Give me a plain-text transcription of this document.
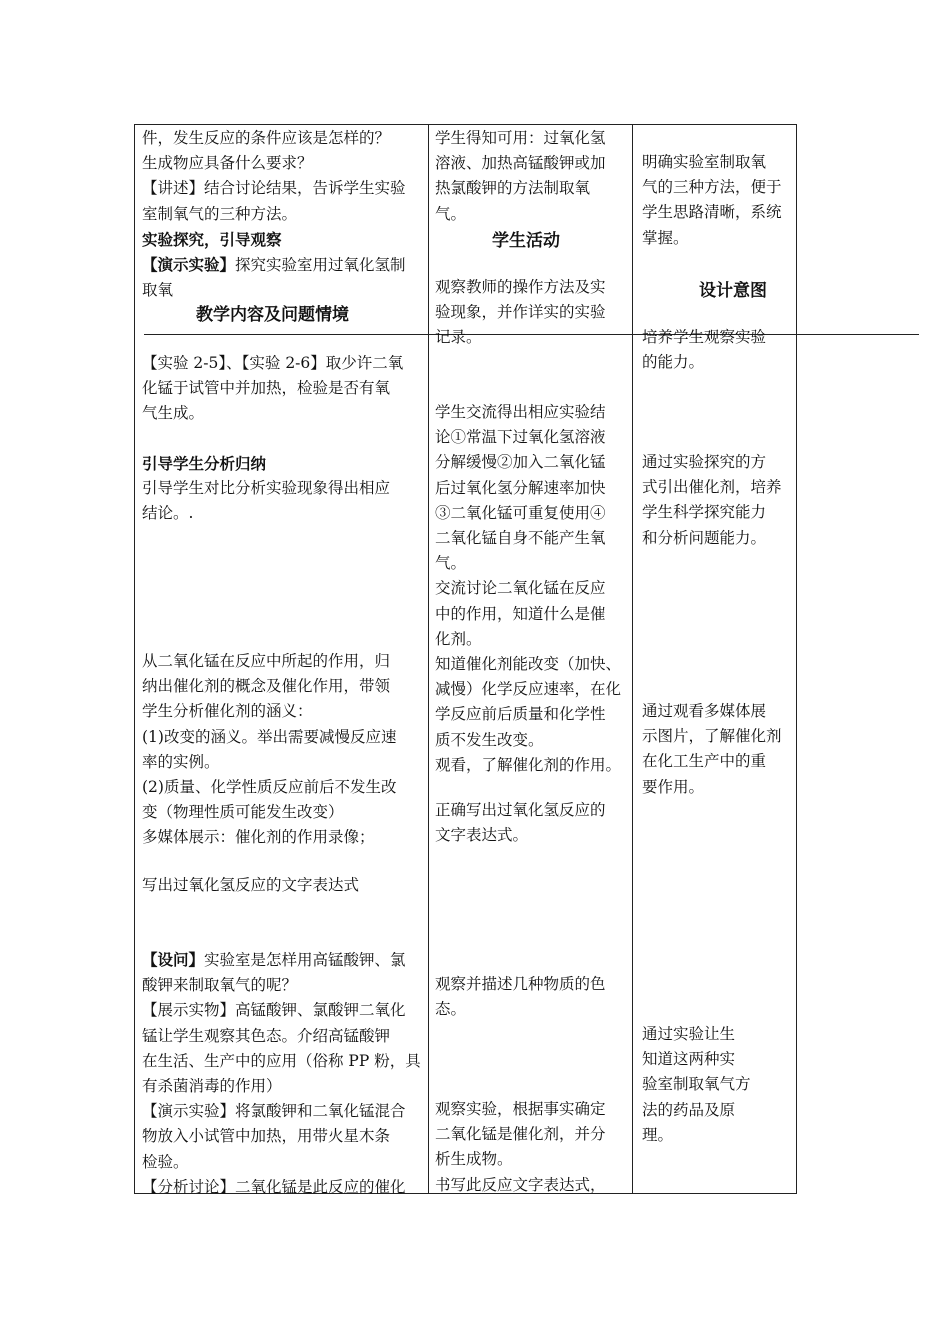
件，发生反应的条件应该是怎样的？

生成物应具备什么要求？

【讲述】结合讨论结果，告诉学生实验

室制氧气的三种方法。

实验探究，引导观察

【演示实验】探究实验室用过氧化氢制

取氧

教学内容及问题情境

【实验 2-5】、【实验 2-6】取少许二氧

化锰于试管中并加热，检验是否有氧

气生成。

引导学生分析归纳

引导学生对比分析实验现象得出相应

结论。.

从二氧化锰在反应中所起的作用，归

纳出催化剂的概念及催化作用，带领

学生分析催化剂的涵义：

(1)改变的涵义。举出需要减慢反应速

率的实例。

(2)质量、化学性质反应前后不发生改

变（物理性质可能发生改变）

多媒体展示：催化剂的作用录像；

写出过氧化氢反应的文字表达式

【设问】实验室是怎样用高锰酸钾、氯

酸钾来制取氧气的呢？

【展示实物】高锰酸钾、氯酸钾二氧化

锰让学生观察其色态。介绍高锰酸钾

在生活、生产中的应用（俗称 PP 粉，具

有杀菌消毒的作用）

【演示实验】将氯酸钾和二氧化锰混合

物放入小试管中加热，用带火星木条

检验。

【分析讨论】二氧化锰是此反应的催化

学生得知可用：过氧化氢

溶液、加热高锰酸钾或加

热氯酸钾的方法制取氧

气。

学生活动

观察教师的操作方法及实

验现象，并作详实的实验

记录。

学生交流得出相应实验结

论①常温下过氧化氢溶液

分解缓慢②加入二氧化锰

后过氧化氢分解速率加快

③二氧化锰可重复使用④

二氧化锰自身不能产生氧

气。

交流讨论二氧化锰在反应

中的作用，知道什么是催

化剂。

知道催化剂能改变（加快、

减慢）化学反应速率，在化

学反应前后质量和化学性

质不发生改变。

观看，了解催化剂的作用。

正确写出过氧化氢反应的

文字表达式。

观察并描述几种物质的色

态。

观察实验，根据事实确定

二氧化锰是催化剂，并分

析生成物。

书写此反应文字表达式，

明确实验室制取氧

气的三种方法，便于

学生思路清晰，系统

掌握。

设计意图

培养学生观察实验

的能力。

通过实验探究的方

式引出催化剂，培养

学生科学探究能力

和分析问题能力。

通过观看多媒体展

示图片，了解催化剂

在化工生产中的重

要作用。

通过实验让生

知道这两种实

验室制取氧气方

法的药品及原

理。
